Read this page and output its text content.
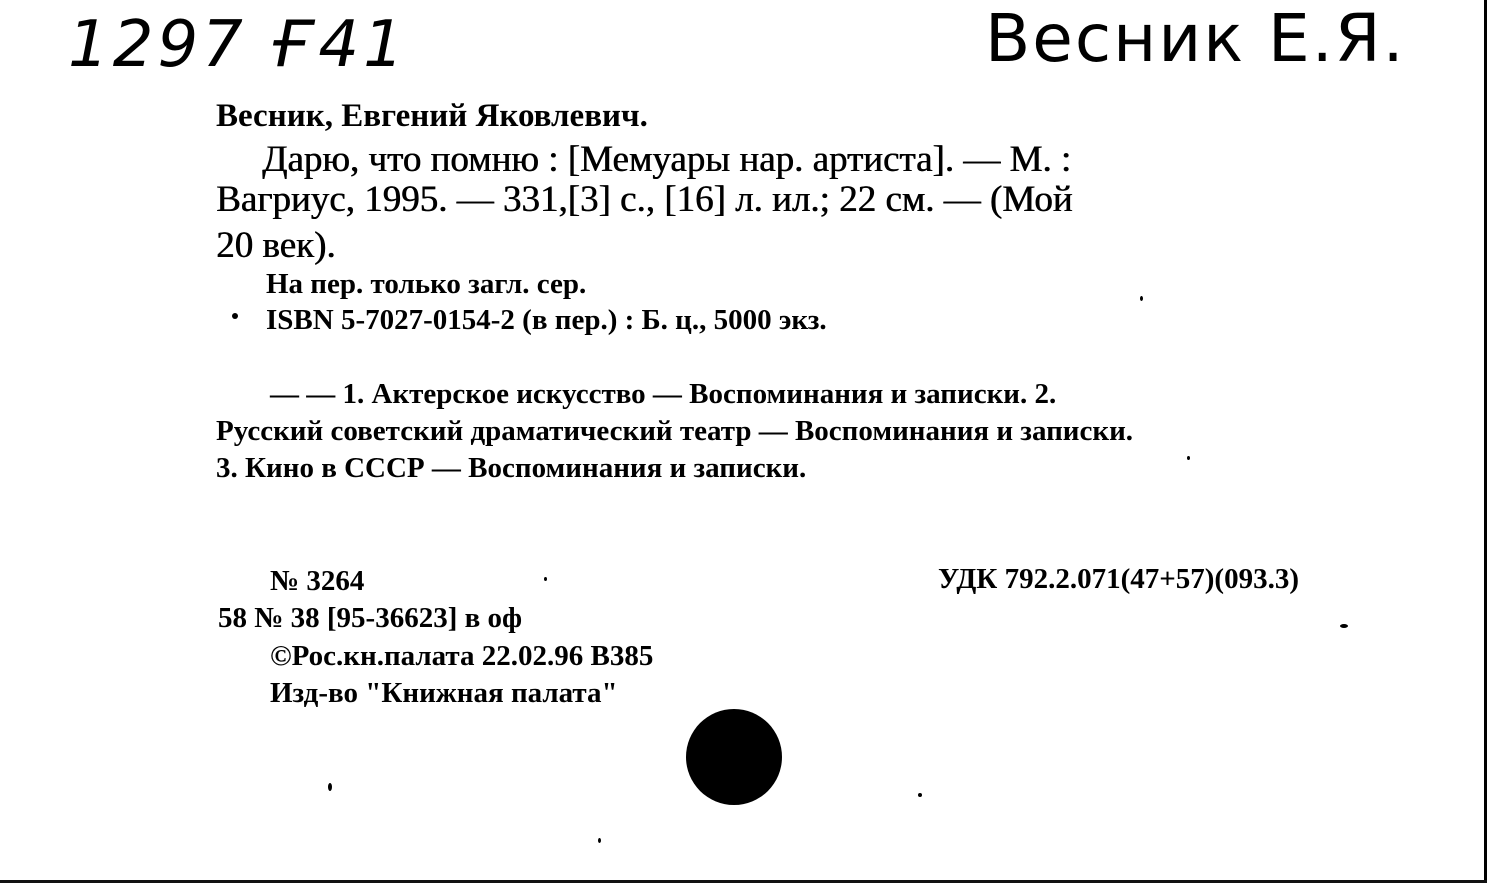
1297 Ғ41	Весник Е.Я.
Весник, Евгений Яковлевич.
Дарю, что помню : [Мемуары нар. артиста]. — М. :
Вагриус, 1995. — 331,[3] с., [16] л. ил.; 22 см. — (Мой
20 век).
На пер. только загл. сер.
ISBN 5-7027-0154-2 (в пер.) : Б. ц., 5000 экз.
— — 1. Актерское искусство — Воспоминания и записки. 2.
Русский советский драматический театр — Воспоминания и записки.
3. Кино в СССР — Воспоминания и записки.
№ 3264
58 № 38 [95-36623] в оф
©Рос.кн.палата 22.02.96 В385
Изд-во "Книжная палата"
УДК 792.2.071(47+57)(093.3)
